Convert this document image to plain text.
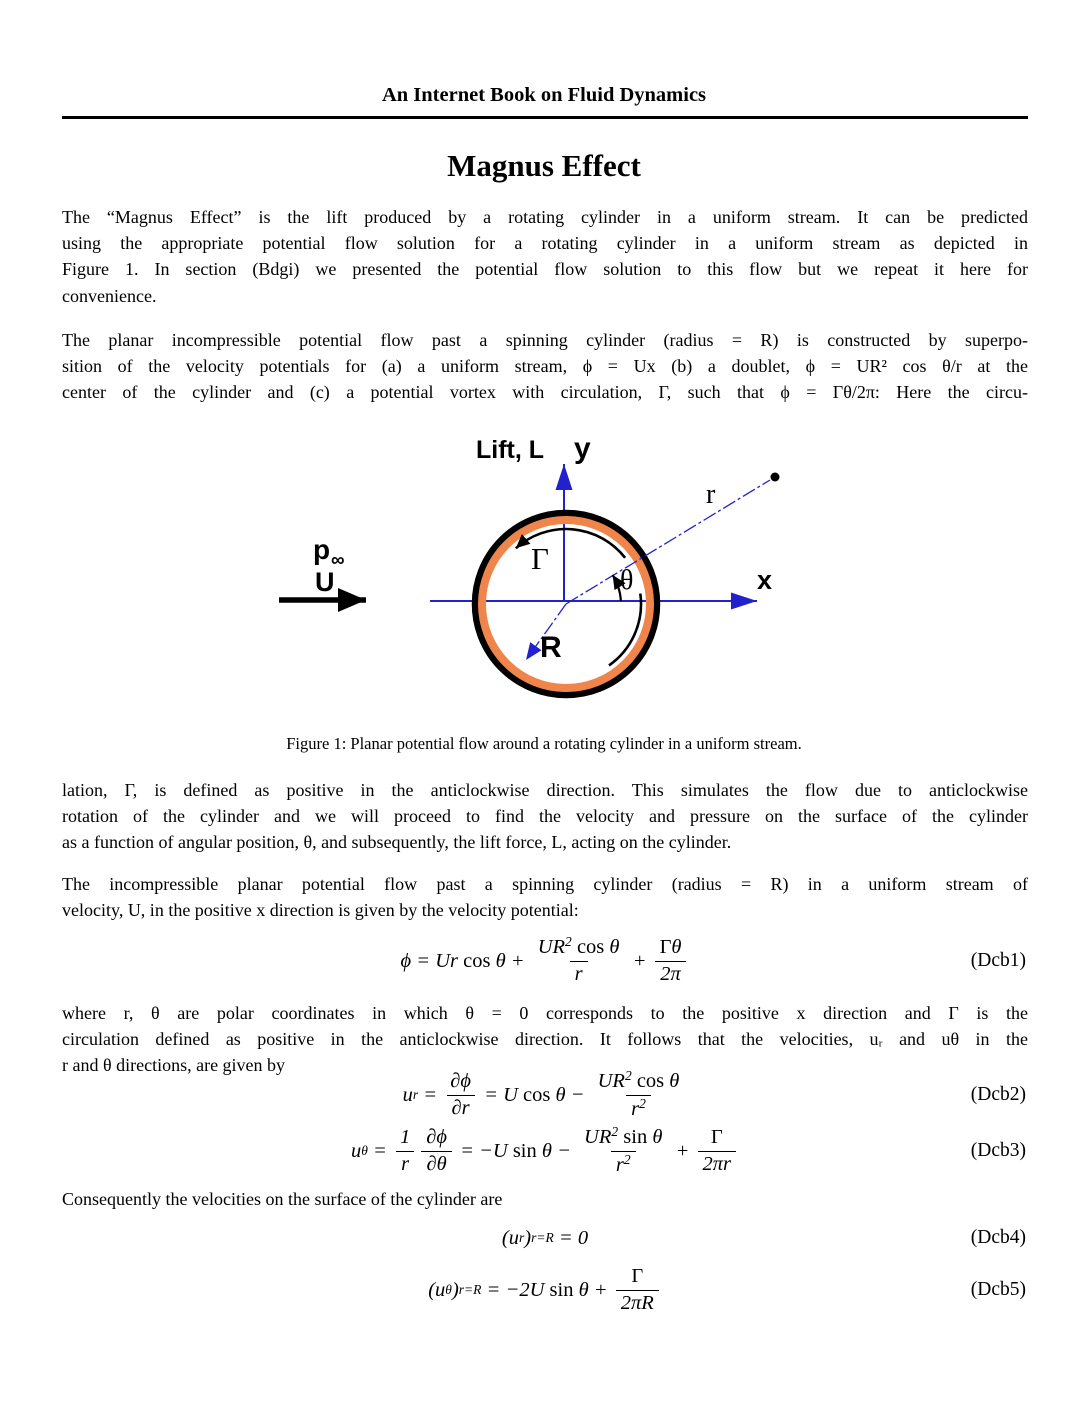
An Internet Book on Fluid Dynamics
Magnus Effect
The “Magnus Effect” is the lift produced by a rotating cylinder in a uniform stream. It can be predicted
using the appropriate potential flow solution for a rotating cylinder in a uniform stream as depicted in
Figure 1. In section (Bdgi) we presented the potential flow solution to this flow but we repeat it here for
convenience.
The planar incompressible potential flow past a spinning cylinder (radius = R) is constructed by superpo-
sition of the velocity potentials for (a) a uniform stream, ϕ = Ux (b) a doublet, ϕ = UR² cos θ/r at the
center of the cylinder and (c) a potential vortex with circulation, Γ, such that ϕ = Γθ/2π: Here the circu-
Lift, L y
x
p ∞
U
Γ
θ
R
r
Figure 1: Planar potential flow around a rotating cylinder in a uniform stream.
lation, Γ, is defined as positive in the anticlockwise direction. This simulates the flow due to anticlockwise
rotation of the cylinder and we will proceed to find the velocity and pressure on the surface of the cylinder
as a function of angular position, θ, and subsequently, the lift force, L, acting on the cylinder.
The incompressible planar potential flow past a spinning cylinder (radius = R) in a uniform stream of
velocity, U, in the positive x direction is given by the velocity potential:
ϕ = Ur $\cos \theta + \frac{UR^2 \cos \theta}{r} + \frac{\Gamma\theta}{2\pi}$	(Dcb1)
where r, θ are polar coordinates in which θ = 0 corresponds to the positive x direction and Γ is the
circulation defined as positive in the anticlockwise direction. It follows that the velocities, uᵣ and uθ in the
r and θ directions, are given by
u $r = \frac{\partial\phi}{\partial r} = U$ $\cos \theta - \frac{UR^2 \cos \theta}{r^2}$	(Dcb2)
u $\theta = \frac{1}{r} \frac{\partial\phi}{\partial\theta} = -U$ $\sin \theta - \frac{UR^2 \sin \theta}{r^2} + \frac{\Gamma}{2\pi r}$	(Dcb3)
Consequently the velocities on the surface of the cylinder are
(u r ) r=R = 0	(Dcb4)
(u θ ) r=R = −2U $\sin \theta + \frac{\Gamma}{2\pi R}$	(Dcb5)
